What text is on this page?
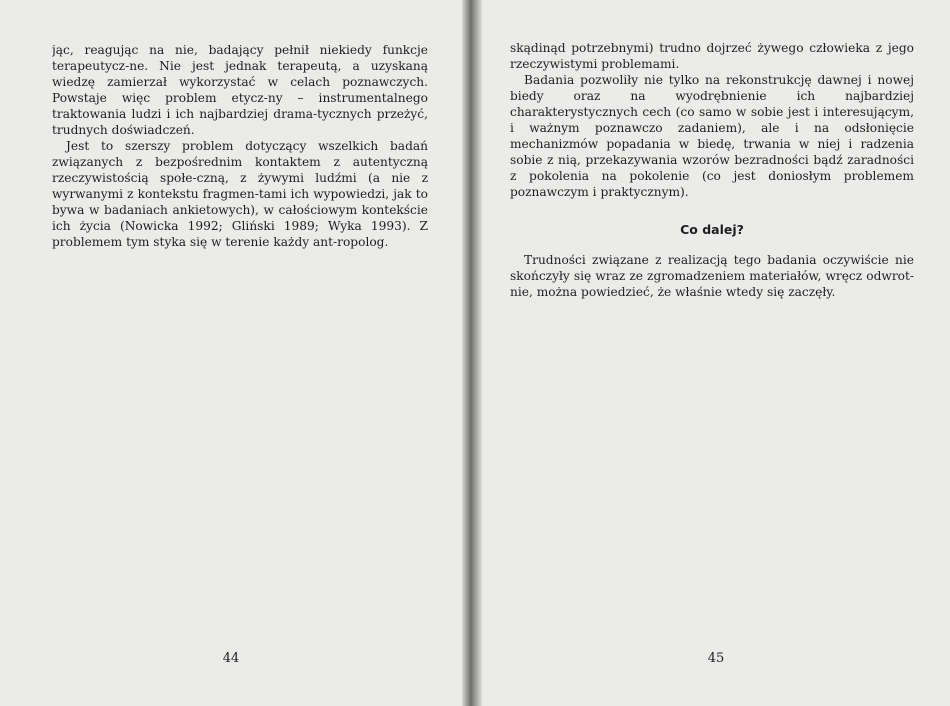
jąc, reagując na nie, badający pełnił niekiedy funkcje terapeutycz-ne. Nie jest jednak terapeutą, a uzyskaną wiedzę zamierzał wykorzystać w celach poznawczych. Powstaje więc problem etycz-ny – instrumentalnego traktowania ludzi i ich najbardziej drama-tycznych przeżyć, trudnych doświadczeń.

Jest to szerszy problem dotyczący wszelkich badań związanych z bezpośrednim kontaktem z autentyczną rzeczywistością społe-czną, z żywymi ludźmi (a nie z wyrwanymi z kontekstu fragmen-tami ich wypowiedzi, jak to bywa w badaniach ankietowych), w całościowym kontekście ich życia (Nowicka 1992; Gliński 1989; Wyka 1993). Z problemem tym styka się w terenie każdy ant-ropolog.

44

skądinąd potrzebnymi) trudno dojrzeć żywego człowieka z jego rzeczywistymi problemami.

Badania pozwoliły nie tylko na rekonstrukcję dawnej i nowej biedy oraz na wyodrębnienie ich najbardziej charakterystycznych cech (co samo w sobie jest i interesującym, i ważnym poznawczo zadaniem), ale i na odsłonięcie mechanizmów popadania w biedę, trwania w niej i radzenia sobie z nią, przekazywania wzorów bezradności bądź zaradności z pokolenia na pokolenie (co jest doniosłym problemem poznawczym i praktycznym).

Co dalej?

Trudności związane z realizacją tego badania oczywiście nie skończyły się wraz ze zgromadzeniem materiałów, wręcz odwrot-nie, można powiedzieć, że właśnie wtedy się zaczęły.

45
